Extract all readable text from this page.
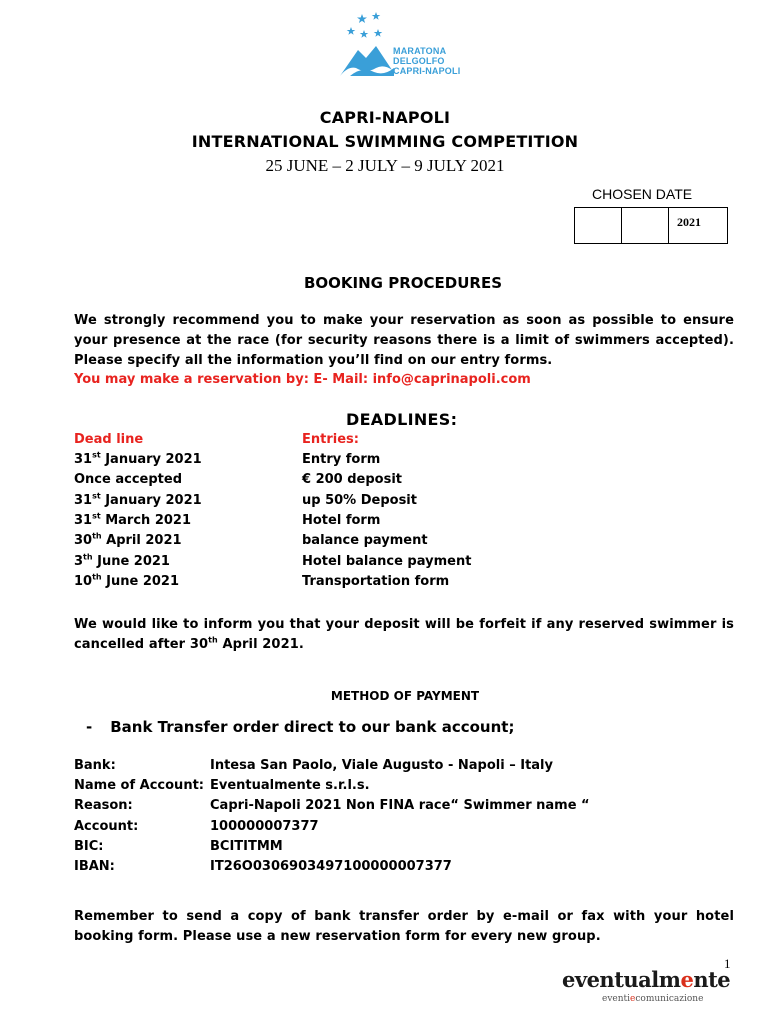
MARATONA
DELGOLFO
CAPRI-NAPOLI
CAPRI-NAPOLI
INTERNATIONAL SWIMMING COMPETITION
25 JUNE – 2 JULY – 9 JULY 2021
CHOSEN DATE
2021
BOOKING PROCEDURES
We strongly recommend you to make your reservation as soon as possible to ensure your presence at the race (for security reasons there is a limit of swimmers accepted). Please specify all the information you’ll find on our entry forms.
You may make a reservation by: E- Mail: info@caprinapoli.com
DEADLINES:
Dead line	Entries:
31st January 2021	Entry form
Once accepted	€ 200 deposit
31st January 2021	up 50% Deposit
31st March 2021	Hotel form
30th April 2021	balance payment
3th June 2021	Hotel balance payment
10th June 2021	Transportation form
We would like to inform you that your deposit will be forfeit if any reserved swimmer is cancelled after 30th April 2021.
METHOD OF PAYMENT
- Bank Transfer order direct to our bank account;
Bank:	Intesa San Paolo, Viale Augusto - Napoli – Italy
Name of Account: Eventualmente s.r.l.s.
Reason:	Capri-Napoli 2021 Non FINA race“ Swimmer name “
Account:	100000007377
BIC:	BCITITMM
IBAN:	IT26O0306903497100000007377
Remember to send a copy of bank transfer order by e-mail or fax with your hotel booking form. Please use a new reservation form for every new group.
1
eventualmente
eventiecomunicazione
